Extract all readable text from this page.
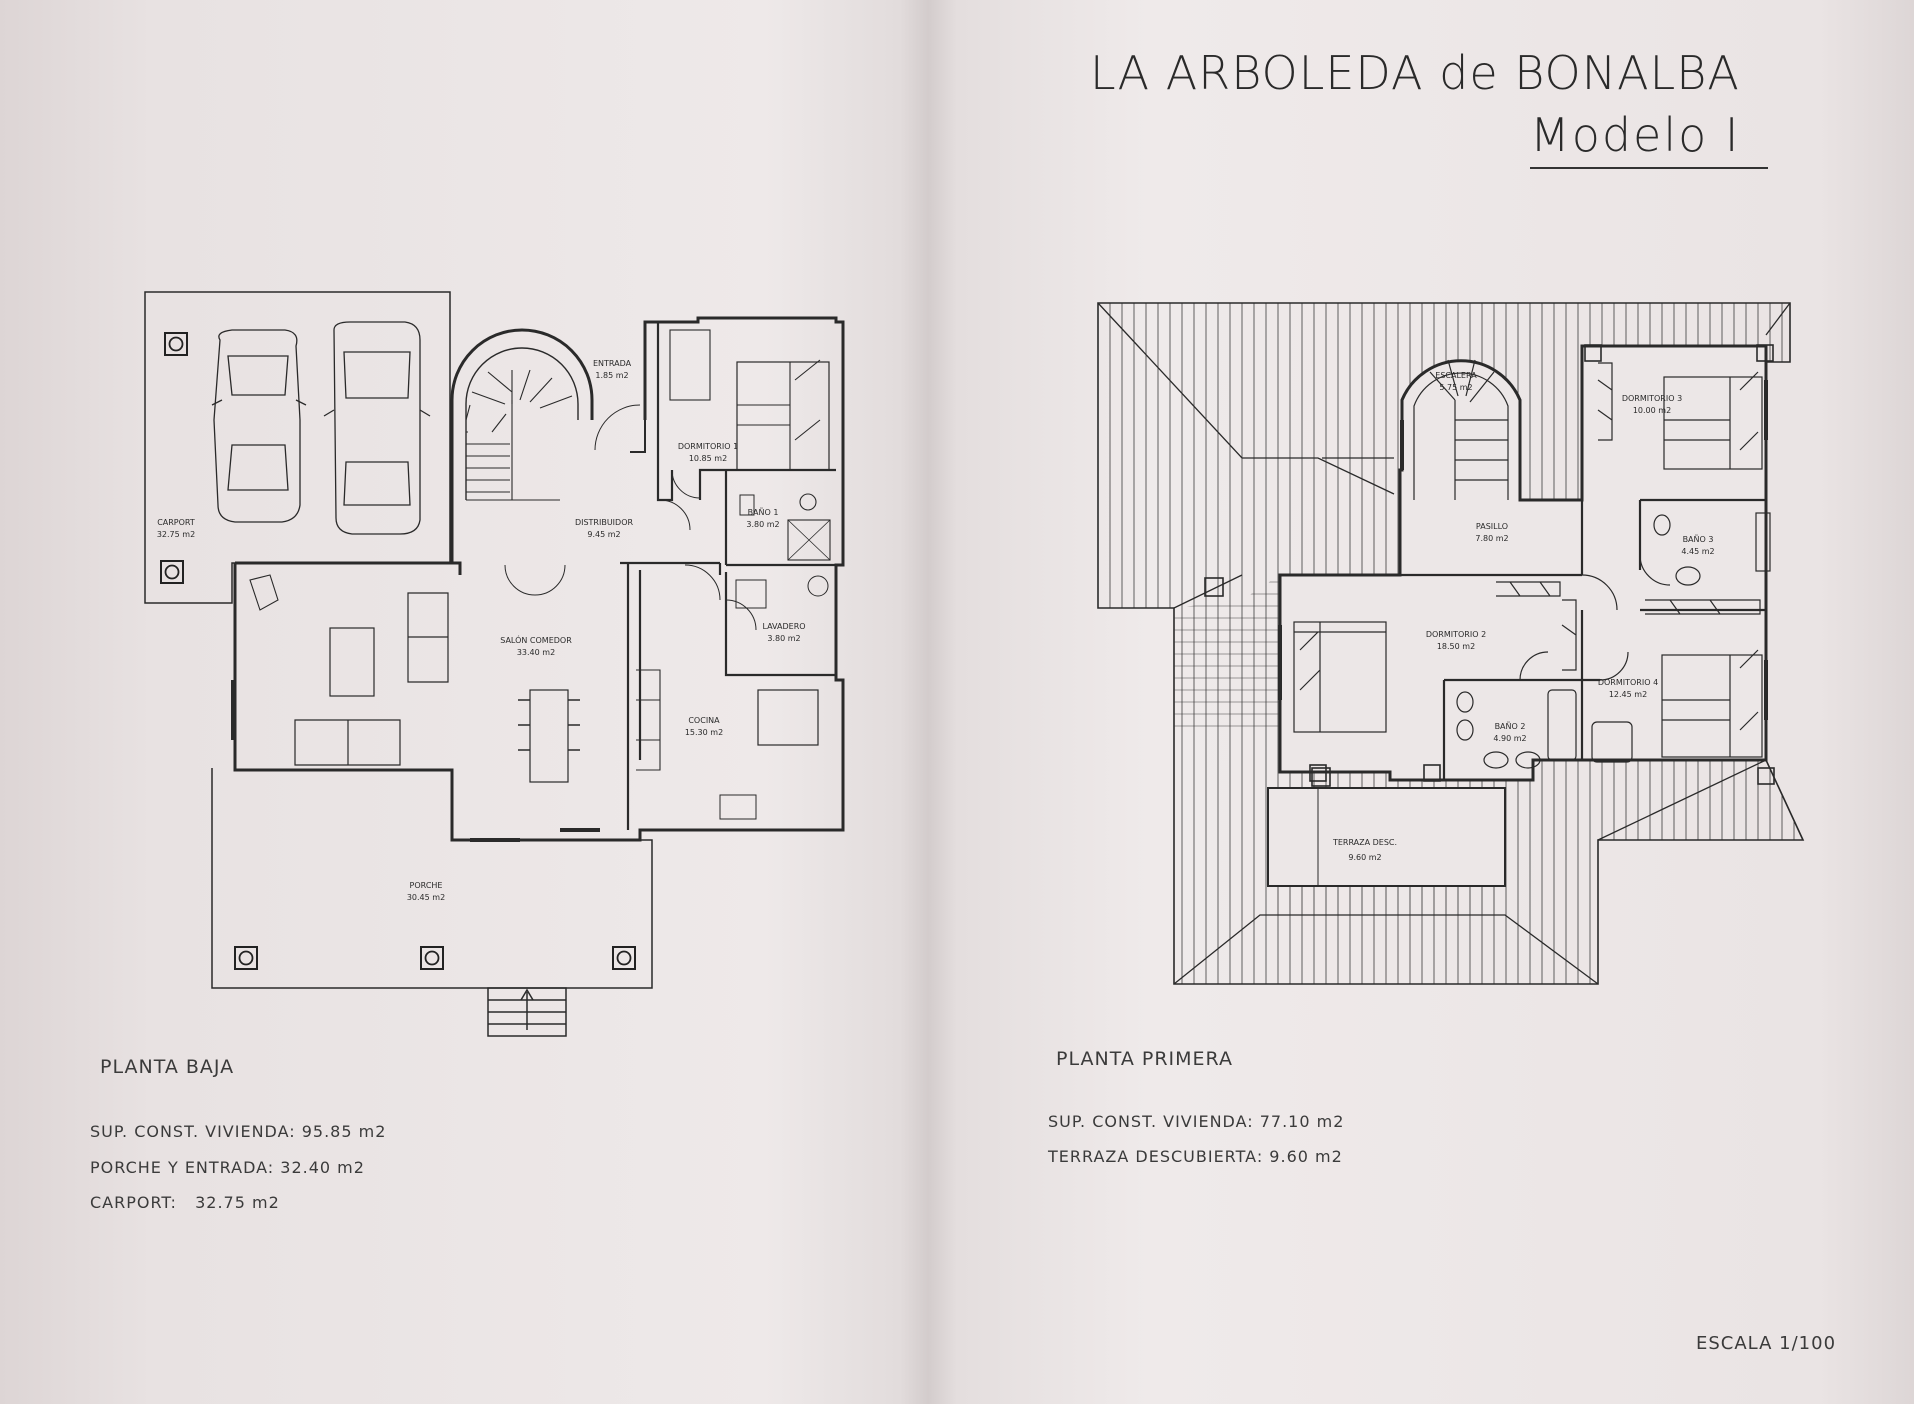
CARPORT
32.75 m2
ENTRADA
1.85 m2
DORMITORIO 1
10.85 m2
DISTRIBUIDOR
9.45 m2
BAÑO 1
3.80 m2
LAVADERO
3.80 m2
SALÓN COMEDOR
33.40 m2
COCINA
15.30 m2
PORCHE
30.45 m2
ESCALERA
5.75 m2
DORMITORIO 3
10.00 m2
PASILLO
7.80 m2	BAÑO 3
4.45 m2
DORMITORIO 2
18.50 m2
DORMITORIO 4
12.45 m2
BAÑO 2
4.90 m2
TERRAZA DESC.
9.60 m2
LA ARBOLEDA de BONALBA
Modelo I
PLANTA BAJA
SUP. CONST. VIVIENDA: 95.85 m2
PORCHE Y ENTRADA: 32.40 m2
CARPORT:   32.75 m2
PLANTA PRIMERA
SUP. CONST. VIVIENDA: 77.10 m2
TERRAZA DESCUBIERTA: 9.60 m2
ESCALA 1/100
